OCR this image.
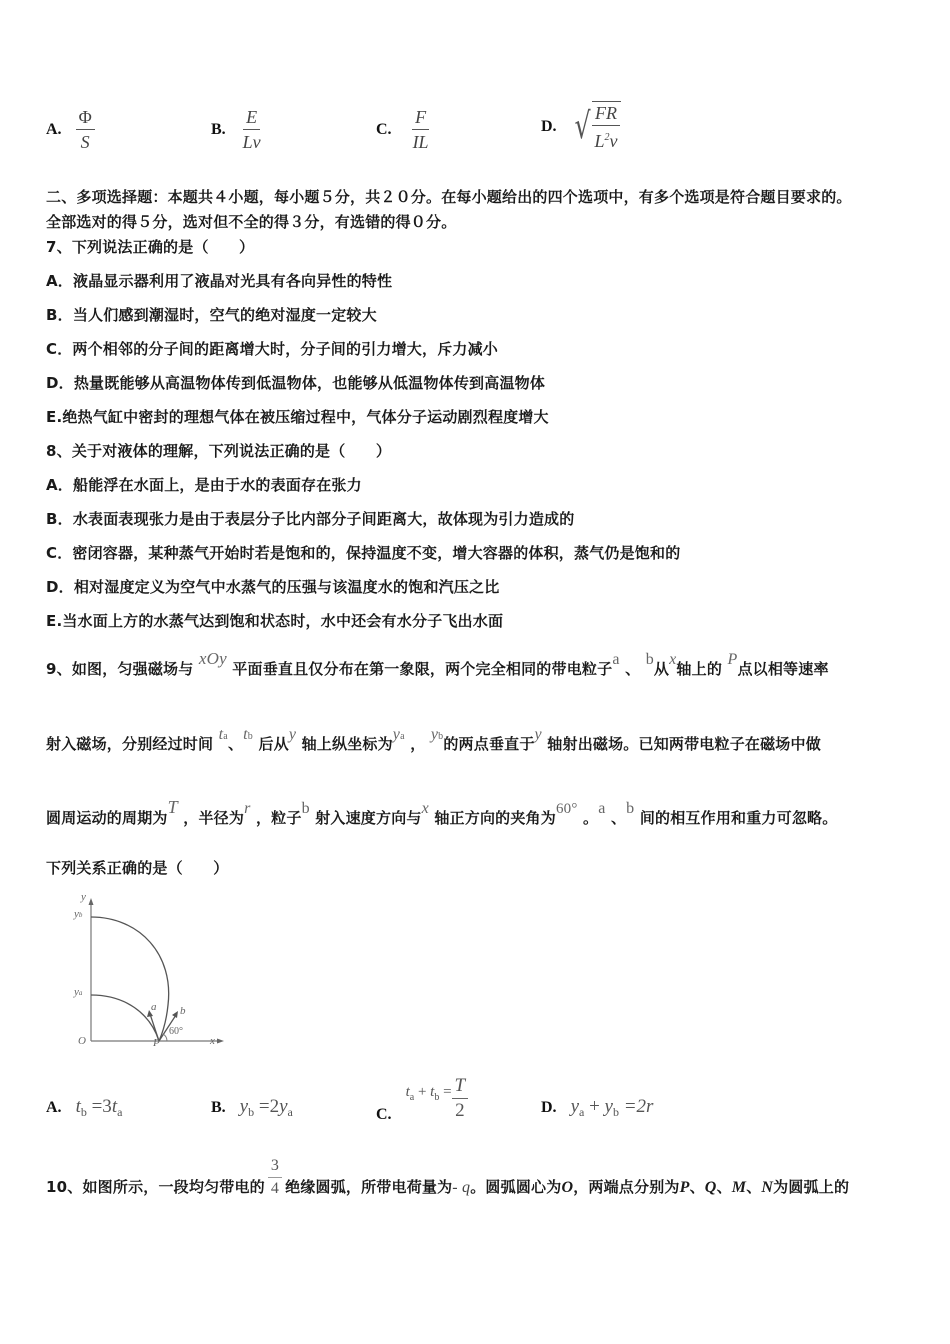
A. $\frac{\Phi}{S}$	B. $\frac{E}{Lv}$	C. $\frac{F}{IL}$	D. √ $\frac{FR}{L^2v}$
二、多项选择题：本题共４小题，每小题５分，共２０分。在每小题给出的四个选项中，有多个选项是符合题目要求的。
全部选对的得５分，选对但不全的得３分，有选错的得０分。
7、下列说法正确的是（　　）
A．液晶显示器利用了液晶对光具有各向异性的特性
B．当人们感到潮湿时，空气的绝对湿度一定较大
C．两个相邻的分子间的距离增大时，分子间的引力增大，斥力减小
D．热量既能够从高温物体传到低温物体，也能够从低温物体传到高温物体
E.绝热气缸中密封的理想气体在被压缩过程中，气体分子运动剧烈程度增大
8、关于对液体的理解，下列说法正确的是（　　）
A．船能浮在水面上，是由于水的表面存在张力
B．水表面表现张力是由于表层分子比内部分子间距离大，故体现为引力造成的
C．密闭容器，某种蒸气开始时若是饱和的，保持温度不变，增大容器的体积，蒸气仍是饱和的
D．相对湿度定义为空气中水蒸气的压强与该温度水的饱和汽压之比
E.当水面上方的水蒸气达到饱和状态时，水中还会有水分子飞出水面
9、如图，匀强磁场与 xOy 平面垂直且仅分布在第一象限，两个完全相同的带电粒子a 、 b从x轴上的 P点以相等速率
射入磁场，分别经过时间 ta、tb 后从y 轴上纵坐标为ya ， yb的两点垂直于y 轴射出磁场。已知两带电粒子在磁场中做
圆周运动的周期为T ，半径为r ，粒子b 射入速度方向与x 轴正方向的夹角为60° 。a 、b 间的相互作用和重力可忽略。
下列关系正确的是（　　）
y
yb
ya
O	P	x
a b
60°
A. $t_b =3t_a$	B. $y_b =2y_a$	C.
$t_a + t_b = \frac{T}{2}$	D. $y_a + y_b =2r$
10、如图所示，一段均匀带电的 $\frac{3}{4}$ 绝缘圆弧，所带电荷量为 - q 。圆弧圆心为 O ，两端点分别为 P 、 Q 、 M 、 N 为圆弧上的
